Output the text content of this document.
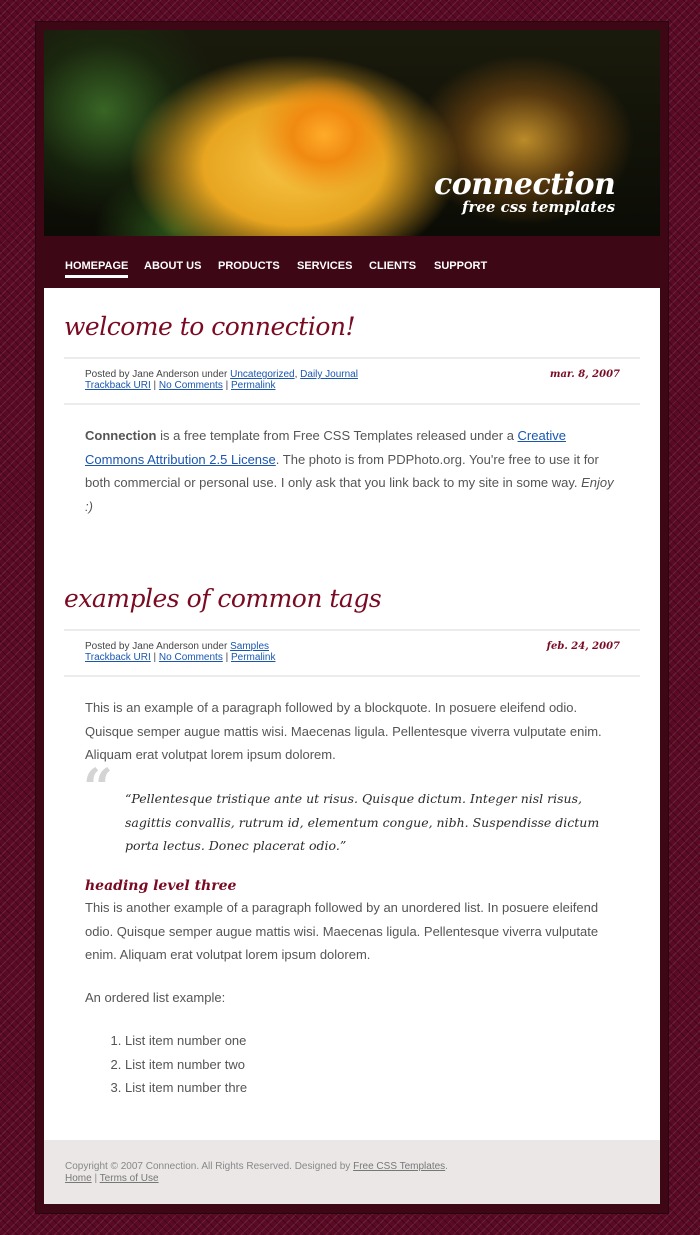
connection
free css templates
HOMEPAGE ABOUT US PRODUCTS SERVICES CLIENTS SUPPORT
welcome to connection!
Posted by Jane Anderson under Uncategorized, Daily Journal
Trackback URI | No Comments | Permalink
mar. 8, 2007

Connection is a free template from Free CSS Templates released under a Creative Commons Attribution 2.5 License. The photo is from PDPhoto.org. You're free to use it for both commercial or personal use. I only ask that you link back to my site in some way. Enjoy :)

examples of common tags
Posted by Jane Anderson under Samples
Trackback URI | No Comments | Permalink
feb. 24, 2007

This is an example of a paragraph followed by a blockquote. In posuere eleifend odio. Quisque semper augue mattis wisi. Maecenas ligula. Pellentesque viverra vulputate enim. Aliquam erat volutpat lorem ipsum dolorem.

“ “Pellentesque tristique ante ut risus. Quisque dictum. Integer nisl risus, sagittis convallis, rutrum id, elementum congue, nibh. Suspendisse dictum porta lectus. Donec placerat odio.”

heading level three

This is another example of a paragraph followed by an unordered list. In posuere eleifend odio. Quisque semper augue mattis wisi. Maecenas ligula. Pellentesque viverra vulputate enim. Aliquam erat volutpat lorem ipsum dolorem.

An ordered list example:

1. List item number one
2. List item number two
3. List item number thre
Copyright © 2007 Connection. All Rights Reserved. Designed by Free CSS Templates.
Home | Terms of Use
